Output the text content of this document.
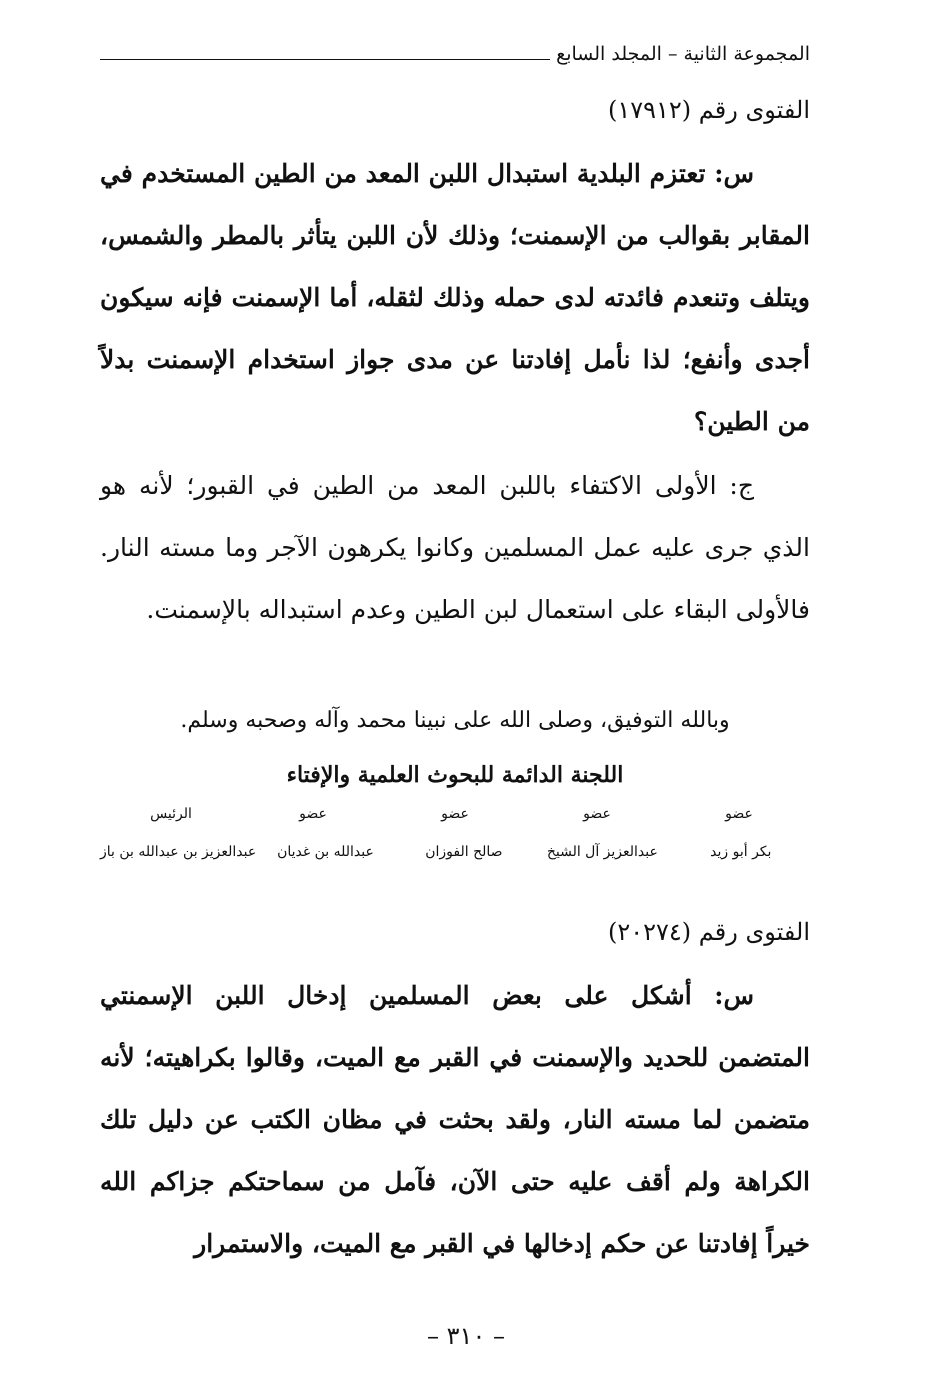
المجموعة الثانية – المجلد السابع
الفتوى رقم (١٧٩١٢)
س: تعتزم البلدية استبدال اللبن المعد من الطين المستخدم في المقابر بقوالب من الإسمنت؛ وذلك لأن اللبن يتأثر بالمطر والشمس، ويتلف وتنعدم فائدته لدى حمله وذلك لثقله، أما الإسمنت فإنه سيكون أجدى وأنفع؛ لذا نأمل إفادتنا عن مدى جواز استخدام الإسمنت بدلاً من الطين؟
ج: الأولى الاكتفاء باللبن المعد من الطين في القبور؛ لأنه هو الذي جرى عليه عمل المسلمين وكانوا يكرهون الآجر وما مسته النار. فالأولى البقاء على استعمال لبن الطين وعدم استبداله بالإسمنت.
وبالله التوفيق، وصلى الله على نبينا محمد وآله وصحبه وسلم.
اللجنة الدائمة للبحوث العلمية والإفتاء
عضو
عضو
عضو
عضو
الرئيس
بكر أبو زيد
عبدالعزيز آل الشيخ
صالح الفوزان
عبدالله بن غديان
عبدالعزيز بن عبدالله بن باز
الفتوى رقم (٢٠٢٧٤)
س: أشكل على بعض المسلمين إدخال اللبن الإسمنتي المتضمن للحديد والإسمنت في القبر مع الميت، وقالوا بكراهيته؛ لأنه متضمن لما مسته النار، ولقد بحثت في مظان الكتب عن دليل تلك الكراهة ولم أقف عليه حتى الآن، فآمل من سماحتكم جزاكم الله خيراً إفادتنا عن حكم إدخالها في القبر مع الميت، والاستمرار
– ٣١٠ –
